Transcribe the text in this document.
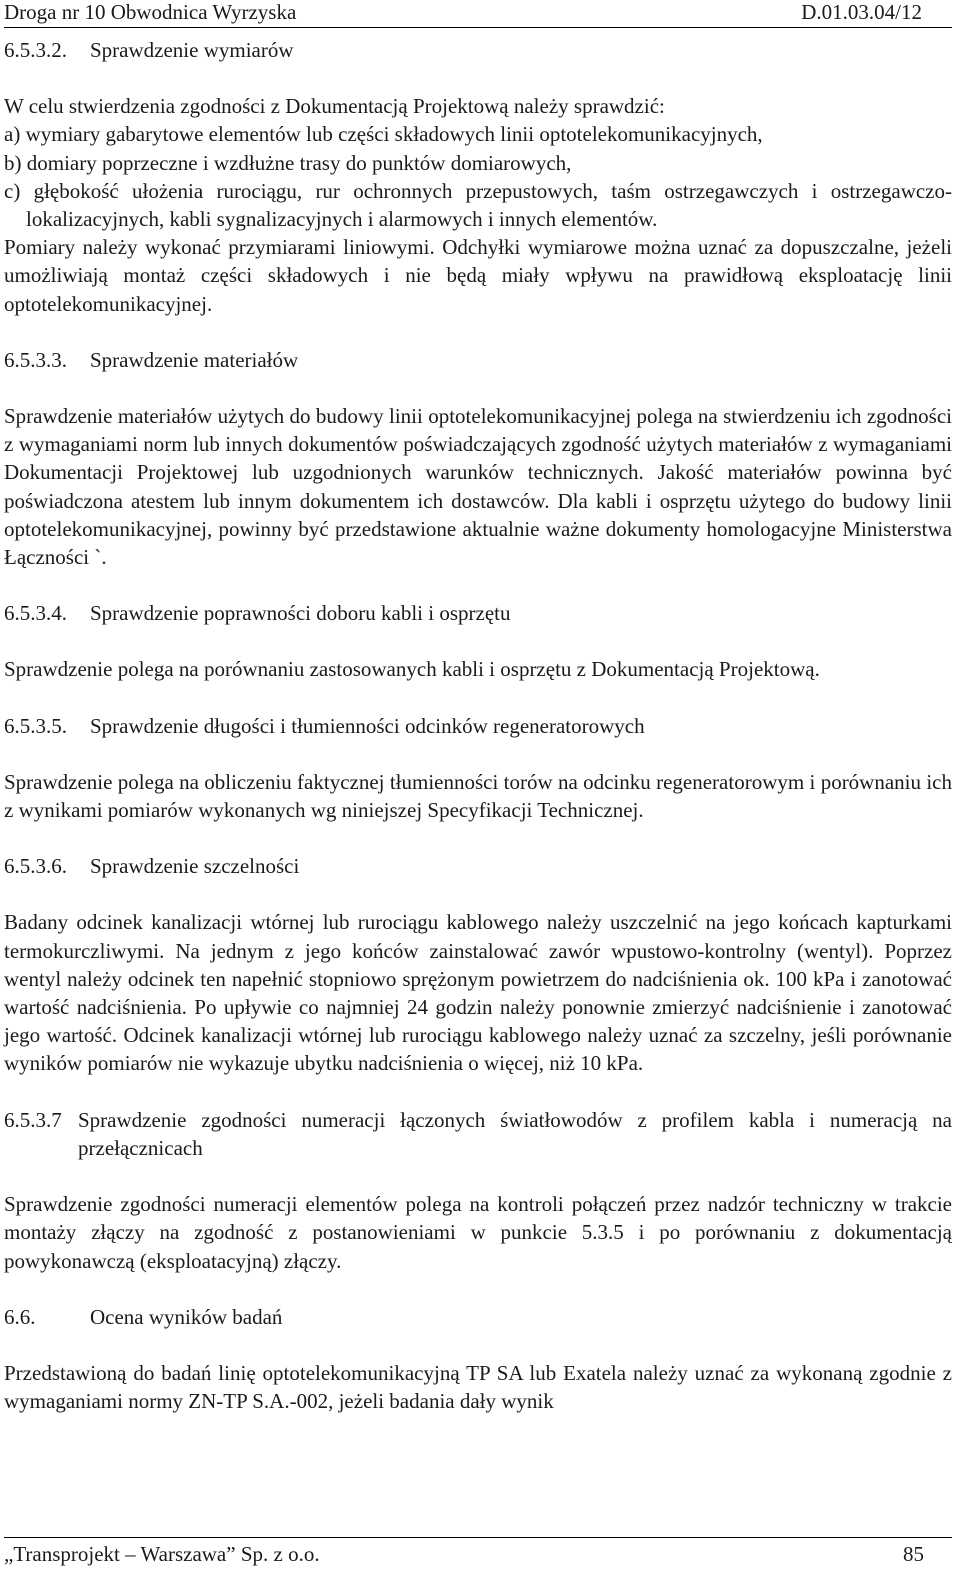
Droga nr 10 Obwodnica Wyrzyska	D.01.03.04/12
6.5.3.2. Sprawdzenie wymiarów
W celu stwierdzenia zgodności z Dokumentacją Projektową należy sprawdzić:
a) wymiary gabarytowe elementów lub części składowych linii optotelekomunikacyjnych,
b) domiary poprzeczne i wzdłużne trasy do punktów domiarowych,
c) głębokość ułożenia rurociągu, rur ochronnych przepustowych, taśm ostrzegawczych i ostrzegawczo-lokalizacyjnych, kabli sygnalizacyjnych i alarmowych i innych elementów.
Pomiary należy wykonać przymiarami liniowymi. Odchyłki wymiarowe można uznać za dopuszczalne, jeżeli umożliwiają montaż części składowych i nie będą miały wpływu na prawidłową eksploatację linii optotelekomunikacyjnej.
6.5.3.3. Sprawdzenie materiałów
Sprawdzenie materiałów użytych do budowy linii optotelekomunikacyjnej polega na stwierdzeniu ich zgodności z wymaganiami norm lub innych dokumentów poświadczających zgodność użytych materiałów z wymaganiami Dokumentacji Projektowej lub uzgodnionych warunków technicznych. Jakość materiałów powinna być poświadczona atestem lub innym dokumentem ich dostawców. Dla kabli i osprzętu użytego do budowy linii optotelekomunikacyjnej, powinny być przedstawione aktualnie ważne dokumenty homologacyjne Ministerstwa Łączności `.
6.5.3.4. Sprawdzenie poprawności doboru kabli i osprzętu
Sprawdzenie polega na porównaniu zastosowanych kabli i osprzętu z Dokumentacją Projektową.
6.5.3.5. Sprawdzenie długości i tłumienności odcinków regeneratorowych
Sprawdzenie polega na obliczeniu faktycznej tłumienności torów na odcinku regeneratorowym i porównaniu ich z wynikami pomiarów wykonanych wg niniejszej Specyfikacji Technicznej.
6.5.3.6. Sprawdzenie szczelności
Badany odcinek kanalizacji wtórnej lub rurociągu kablowego należy uszczelnić na jego końcach kapturkami termokurczliwymi. Na jednym z jego końców zainstalować zawór wpustowo-kontrolny (wentyl). Poprzez wentyl należy odcinek ten napełnić stopniowo sprężonym powietrzem do nadciśnienia ok. 100 kPa i zanotować wartość nadciśnienia. Po upływie co najmniej 24 godzin należy ponownie zmierzyć nadciśnienie i zanotować jego wartość. Odcinek kanalizacji wtórnej lub rurociągu kablowego należy uznać za szczelny, jeśli porównanie wyników pomiarów nie wykazuje ubytku nadciśnienia o więcej, niż 10 kPa.
6.5.3.7 Sprawdzenie zgodności numeracji łączonych światłowodów z profilem kabla i numeracją na przełącznicach
Sprawdzenie zgodności numeracji elementów polega na kontroli połączeń przez nadzór techniczny w trakcie montaży złączy na zgodność z postanowieniami w punkcie 5.3.5 i po porównaniu z dokumentacją powykonawczą (eksploatacyjną) złączy.
6.6.	Ocena wyników badań
Przedstawioną do badań linię optotelekomunikacyjną TP SA lub Exatela należy uznać za wykonaną zgodnie z wymaganiami normy ZN-TP S.A.-002, jeżeli badania dały wynik
„Transprojekt – Warszawa” Sp. z o.o.	85
